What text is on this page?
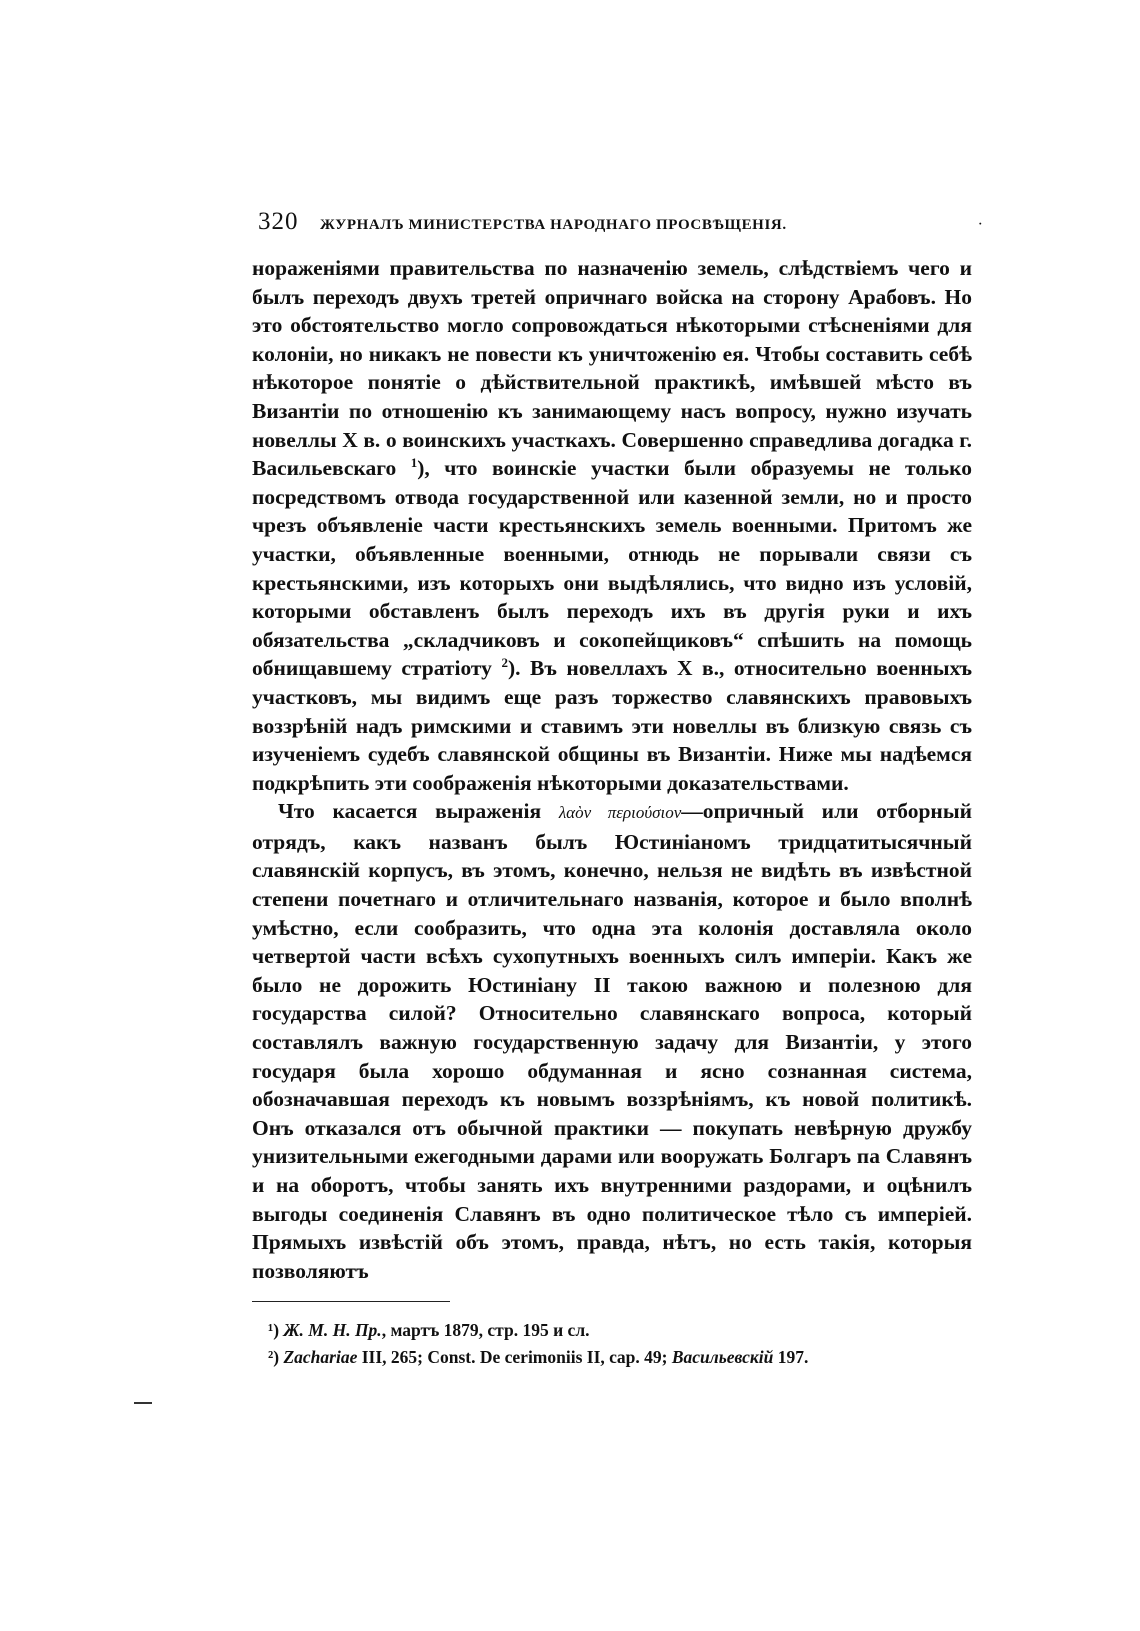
320	ЖУРНАЛЪ МИНИСТЕРСТВА НАРОДНАГО ПРОСВѢЩЕНІЯ.	·

нораженіями правительства по назначенію земель, слѣдствіемъ чего и былъ переходъ двухъ третей опричнаго войска на сторону Арабовъ. Но это обстоятельство могло сопровождаться нѣкоторыми стѣсненіями для колоніи, но никакъ не повести къ уничтоженію ея. Чтобы составить себѣ нѣкоторое понятіе о дѣйствительной практикѣ, имѣвшей мѣсто въ Византіи по отношенію къ занимающему насъ вопросу, нужно изучать новеллы X в. о воинскихъ участкахъ. Совершенно справедлива догадка г. Васильевскаго $^1$), что воинскіе участки были образуемы не только посредствомъ отвода государственной или казенной земли, но и просто чрезъ объявленіе части крестьянскихъ земель военными. Притомъ же участки, объявленные военными, отнюдь не порывали связи съ крестьянскими, изъ которыхъ они выдѣлялись, что видно изъ условій, которыми обставленъ былъ переходъ ихъ въ другія руки и ихъ обязательства „складчиковъ и сокопейщиковъ“ спѣшить на помощь обнищавшему стратіоту $^2$). Въ новеллахъ X в., относительно военныхъ участковъ, мы видимъ еще разъ торжество славянскихъ правовыхъ воззрѣній надъ римскими и ставимъ эти новеллы въ близкую связь съ изученіемъ судебъ славянской общины въ Византіи. Ниже мы надѣемся подкрѣпить эти соображенія нѣкоторыми доказательствами.

Что касается выраженія λαὸν περιούσιον—опричный или отборный отрядъ, какъ названъ былъ Юстиніаномъ тридцатитысячный славянскій корпусъ, въ этомъ, конечно, нельзя не видѣть въ извѣстной степени почетнаго и отличительнаго названія, которое и было вполнѣ умѣстно, если сообразить, что одна эта колонія доставляла около четвертой части всѣхъ сухопутныхъ военныхъ силъ имперіи. Какъ же было не дорожить Юстиніану II такою важною и полезною для государства силой? Относительно славянскаго вопроса, который составлялъ важную государственную задачу для Византіи, у этого государя была хорошо обдуманная и ясно сознанная система, обозначавшая переходъ къ новымъ воззрѣніямъ, къ новой политикѣ. Онъ отказался отъ обычной практики — покупать невѣрную дружбу унизительными ежегодными дарами или вооружать Болгаръ па Славянъ и на оборотъ, чтобы занять ихъ внутренними раздорами, и оцѣнилъ выгоды соединенія Славянъ въ одно политическое тѣло съ имперіей. Прямыхъ извѣстій объ этомъ, правда, нѣтъ, но есть такія, которыя позволяютъ

¹) Ж. М. Н. Пр., мартъ 1879, стр. 195 и сл.
²) Zachariae III, 265; Const. De cerimoniis II, cap. 49; Васильевскій 197.
